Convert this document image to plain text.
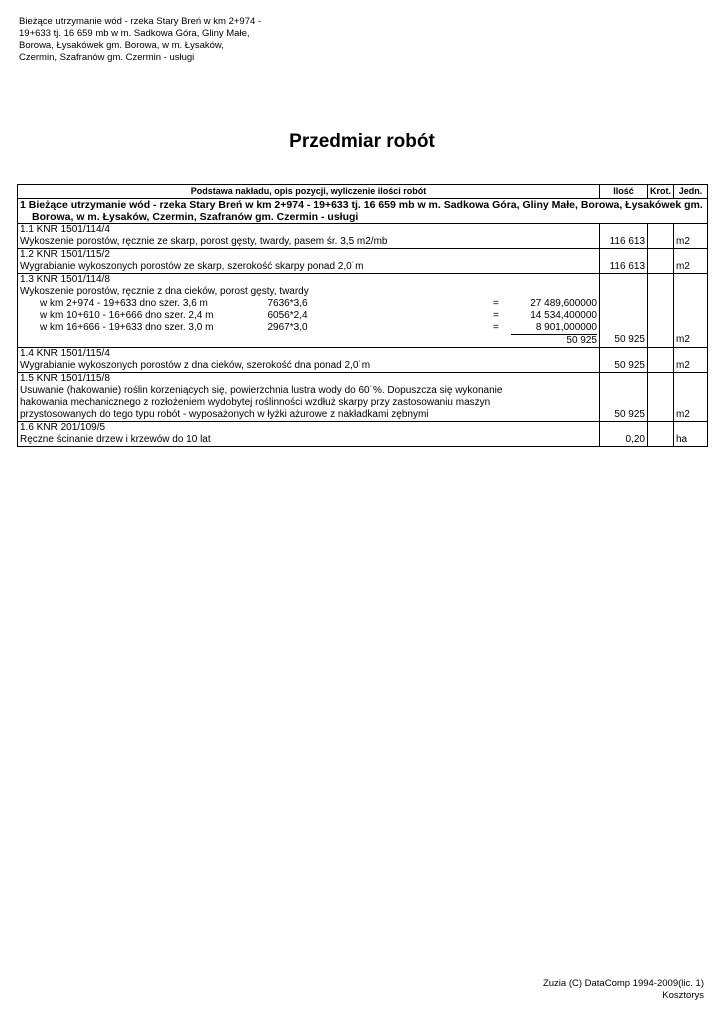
Bieżące utrzymanie wód - rzeka Stary Breń w km 2+974 - 19+633 tj. 16 659 mb w m. Sadkowa Góra, Gliny Małe, Borowa, Łysakówek gm. Borowa, w m. Łysaków, Czermin, Szafranów gm. Czermin - usługi
Przedmiar robót
Podstawa nakładu, opis pozycji, wyliczenie ilości robót	Ilość	Krot.	Jedn.

1 Bieżące utrzymanie wód - rzeka Stary Breń w km 2+974 - 19+633 tj. 16 659 mb w m. Sadkowa Góra, Gliny Małe, Borowa, Łysakówek gm. Borowa, w m. Łysaków, Czermin, Szafranów gm. Czermin - usługi			

1.1 KNR 1501/114/4			
Wykoszenie porostów, ręcznie ze skarp, porost gęsty, twardy, pasem śr. 3,5 m2/mb	116 613		m2
1.2 KNR 1501/115/2			
Wygrabianie wykoszonych porostów ze skarp, szerokość skarpy ponad 2,0˙m	116 613		m2
1.3 KNR 1501/114/8			
Wykoszenie porostów, ręcznie z dna cieków, porost gęsty, twardy			

w km 2+974 - 19+633 dno szer. 3,6 m 7636*3,6 = 27 489,600000			

w km 10+610 - 16+666 dno szer. 2,4 m 6056*2,4 = 14 534,400000			

w km 16+666 - 19+633 dno szer. 3,0 m 2967*3,0 = 8 901,000000			

50 925	50 925		m2
1.4 KNR 1501/115/4			
Wygrabianie wykoszonych porostów z dna cieków, szerokość dna ponad 2,0˙m	50 925		m2
1.5 KNR 1501/115/8			
Usuwanie (hakowanie) roślin korzeniących się, powierzchnia lustra wody do 60˙%. Dopuszcza się wykonanie			
hakowania mechanicznego z rozłożeniem wydobytej roślinności wzdłuż skarpy przy zastosowaniu maszyn			
przystosowanych do tego typu robót - wyposażonych w łyżki ażurowe z nakładkami zębnymi	50 925		m2
1.6 KNR 201/109/5			
Ręczne ścinanie drzew i krzewów do 10 lat	0,20		ha
Zuzia (C) DataComp 1994-2009(lic. 1)
Kosztorys
